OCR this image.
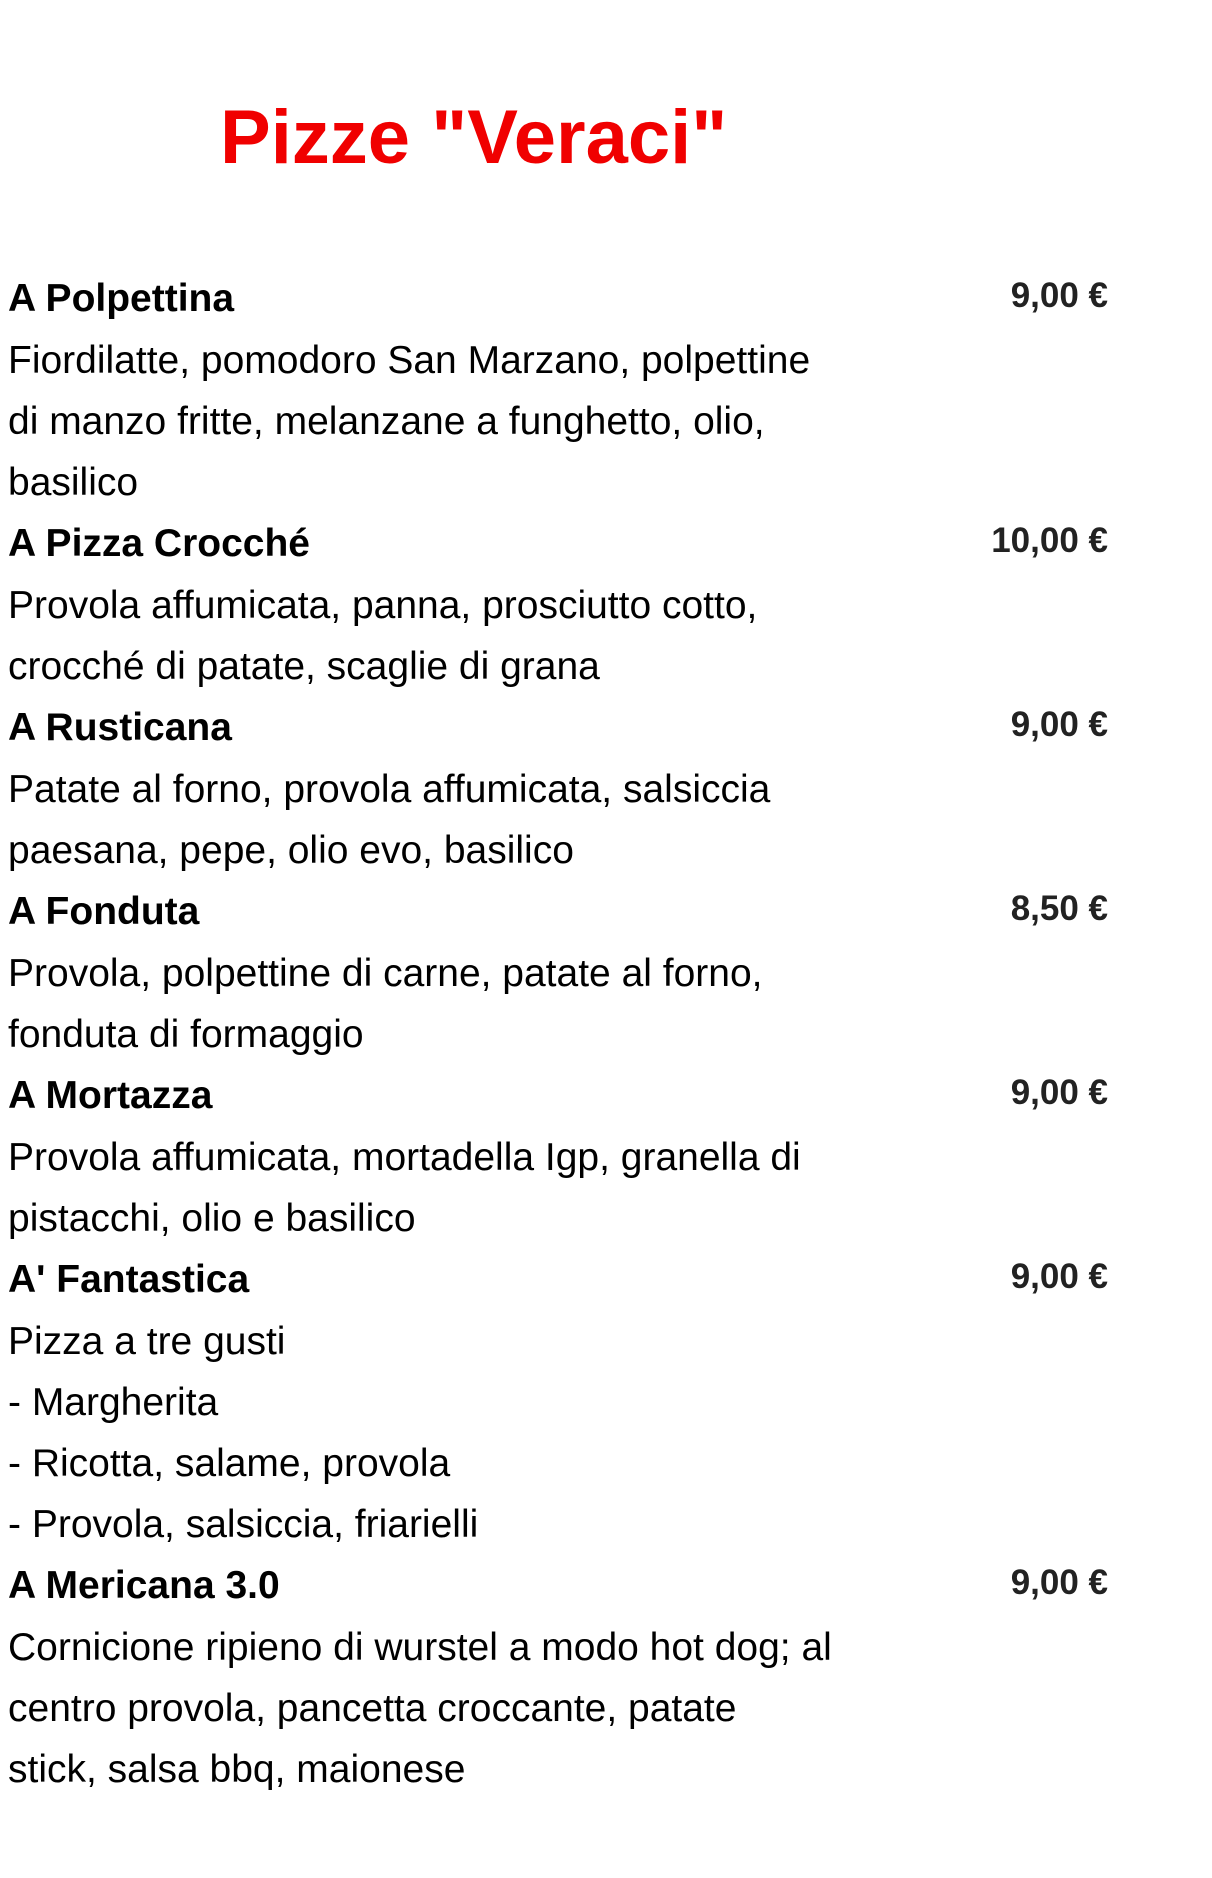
Pizze "Veraci"
A Polpettina	9,00 €
Fiordilatte, pomodoro San Marzano, polpettine
di manzo fritte, melanzane a funghetto, olio,
basilico
A Pizza Crocché	10,00 €
Provola affumicata, panna, prosciutto cotto,
crocché di patate, scaglie di grana
A Rusticana	9,00 €
Patate al forno, provola affumicata, salsiccia
paesana, pepe, olio evo, basilico
A Fonduta	8,50 €
Provola, polpettine di carne, patate al forno,
fonduta di formaggio
A Mortazza	9,00 €
Provola affumicata, mortadella Igp, granella di
pistacchi, olio e basilico
A' Fantastica	9,00 €
Pizza a tre gusti
- Margherita
- Ricotta, salame, provola
- Provola, salsiccia, friarielli
A Mericana 3.0	9,00 €
Cornicione ripieno di wurstel a modo hot dog; al
centro provola, pancetta croccante, patate
stick, salsa bbq, maionese
